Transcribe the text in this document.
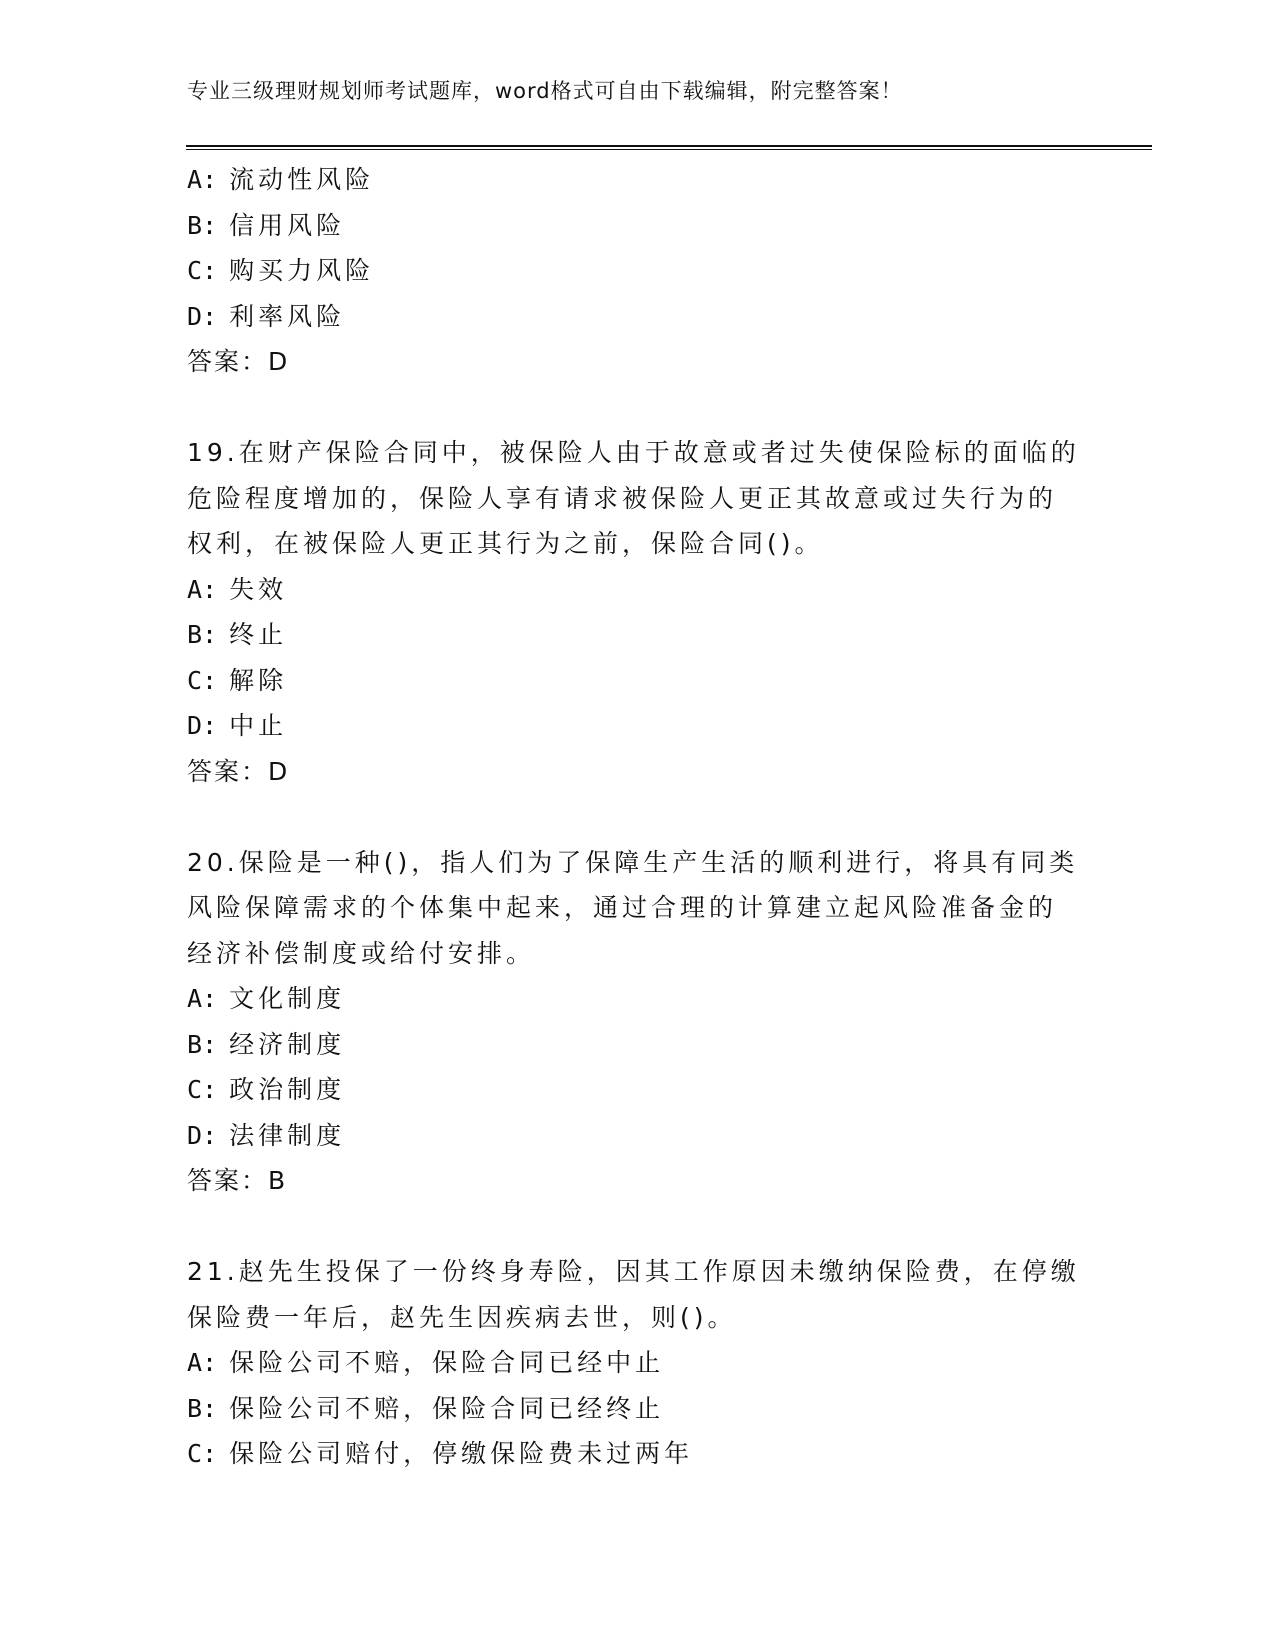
专业三级理财规划师考试题库，word格式可自由下载编辑，附完整答案！
A: 流动性风险
B: 信用风险
C: 购买力风险
D: 利率风险
答案：D
19.在财产保险合同中，被保险人由于故意或者过失使保险标的面临的
危险程度增加的，保险人享有请求被保险人更正其故意或过失行为的
权利，在被保险人更正其行为之前，保险合同()。
A: 失效
B: 终止
C: 解除
D: 中止
答案：D
20.保险是一种()，指人们为了保障生产生活的顺利进行，将具有同类
风险保障需求的个体集中起来，通过合理的计算建立起风险准备金的
经济补偿制度或给付安排。
A: 文化制度
B: 经济制度
C: 政治制度
D: 法律制度
答案：B
21.赵先生投保了一份终身寿险，因其工作原因未缴纳保险费，在停缴
保险费一年后，赵先生因疾病去世，则()。
A: 保险公司不赔，保险合同已经中止
B: 保险公司不赔，保险合同已经终止
C: 保险公司赔付，停缴保险费未过两年
